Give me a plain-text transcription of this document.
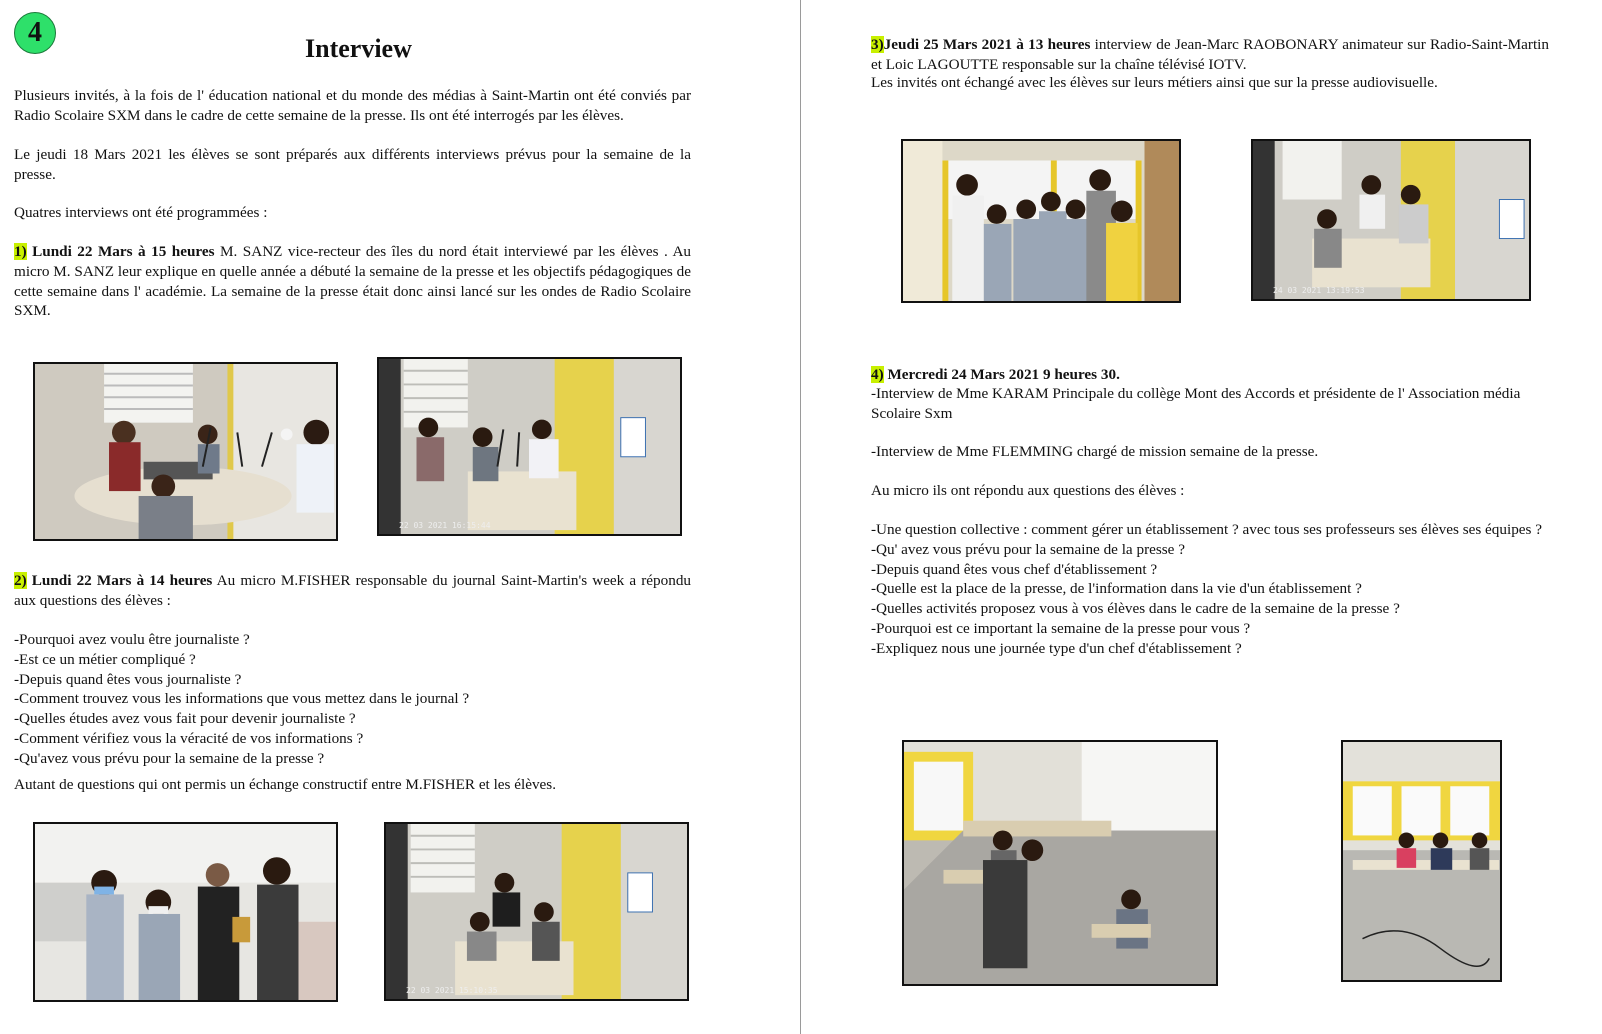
4
Interview

Plusieurs invités, à la fois de l' éducation national et du monde des médias à Saint-Martin ont été conviés par Radio Scolaire SXM dans le cadre de cette semaine de la presse. Ils ont été interrogés par les élèves.

Le jeudi 18 Mars 2021 les élèves se sont préparés aux différents interviews prévus pour la semaine de la presse.

Quatres interviews ont été programmées :

1) Lundi 22 Mars à 15 heures M. SANZ vice-recteur des îles du nord était interviewé par les élèves . Au micro M. SANZ leur explique en quelle année a débuté la semaine de la presse et les objectifs pédagogiques de cette semaine dans l' académie. La semaine de la presse était donc ainsi lancé sur les ondes de Radio Scolaire SXM.

22 03 2021 16:15:44

2) Lundi 22 Mars à 14 heures Au micro M.FISHER responsable du journal Saint-Martin's week a répondu aux questions des élèves :

-Pourquoi avez voulu être journaliste ?
-Est ce un métier compliqué ?
-Depuis quand êtes vous journaliste ?
-Comment trouvez vous les informations que vous mettez dans le journal ?
-Quelles études avez vous fait pour devenir journaliste ?
-Comment vérifiez vous la véracité de vos informations ?
-Qu'avez vous prévu pour la semaine de la presse ?

Autant de questions qui ont permis un échange constructif entre M.FISHER et les élèves.

22 03 2021 15:10:35

3)Jeudi 25 Mars 2021 à 13 heures interview de Jean-Marc RAOBONARY animateur sur Radio-Saint-Martin et Loic LAGOUTTE responsable sur la chaîne télévisé IOTV.

Les invités ont échangé avec les élèves sur leurs métiers ainsi que sur la presse audiovisuelle.

24 03 2021 13:19:53

4) Mercredi 24 Mars 2021 9 heures 30.

-Interview de Mme KARAM Principale du collège Mont des Accords et présidente de l' Association média Scolaire Sxm

-Interview de Mme FLEMMING chargé de mission semaine de la presse.

Au micro ils ont répondu aux questions des élèves :

-Une question collective : comment gérer un établissement ? avec tous ses professeurs ses élèves ses équipes ?
-Qu' avez vous prévu pour la semaine de la presse ?
-Depuis quand êtes vous chef d'établissement ?
-Quelle est la place de la presse, de l'information dans la vie d'un établissement ?
-Quelles activités proposez vous à vos élèves dans le cadre de la semaine de la presse ?
-Pourquoi est ce important la semaine de la presse pour vous ?
-Expliquez nous une journée type d'un chef d'établissement ?
